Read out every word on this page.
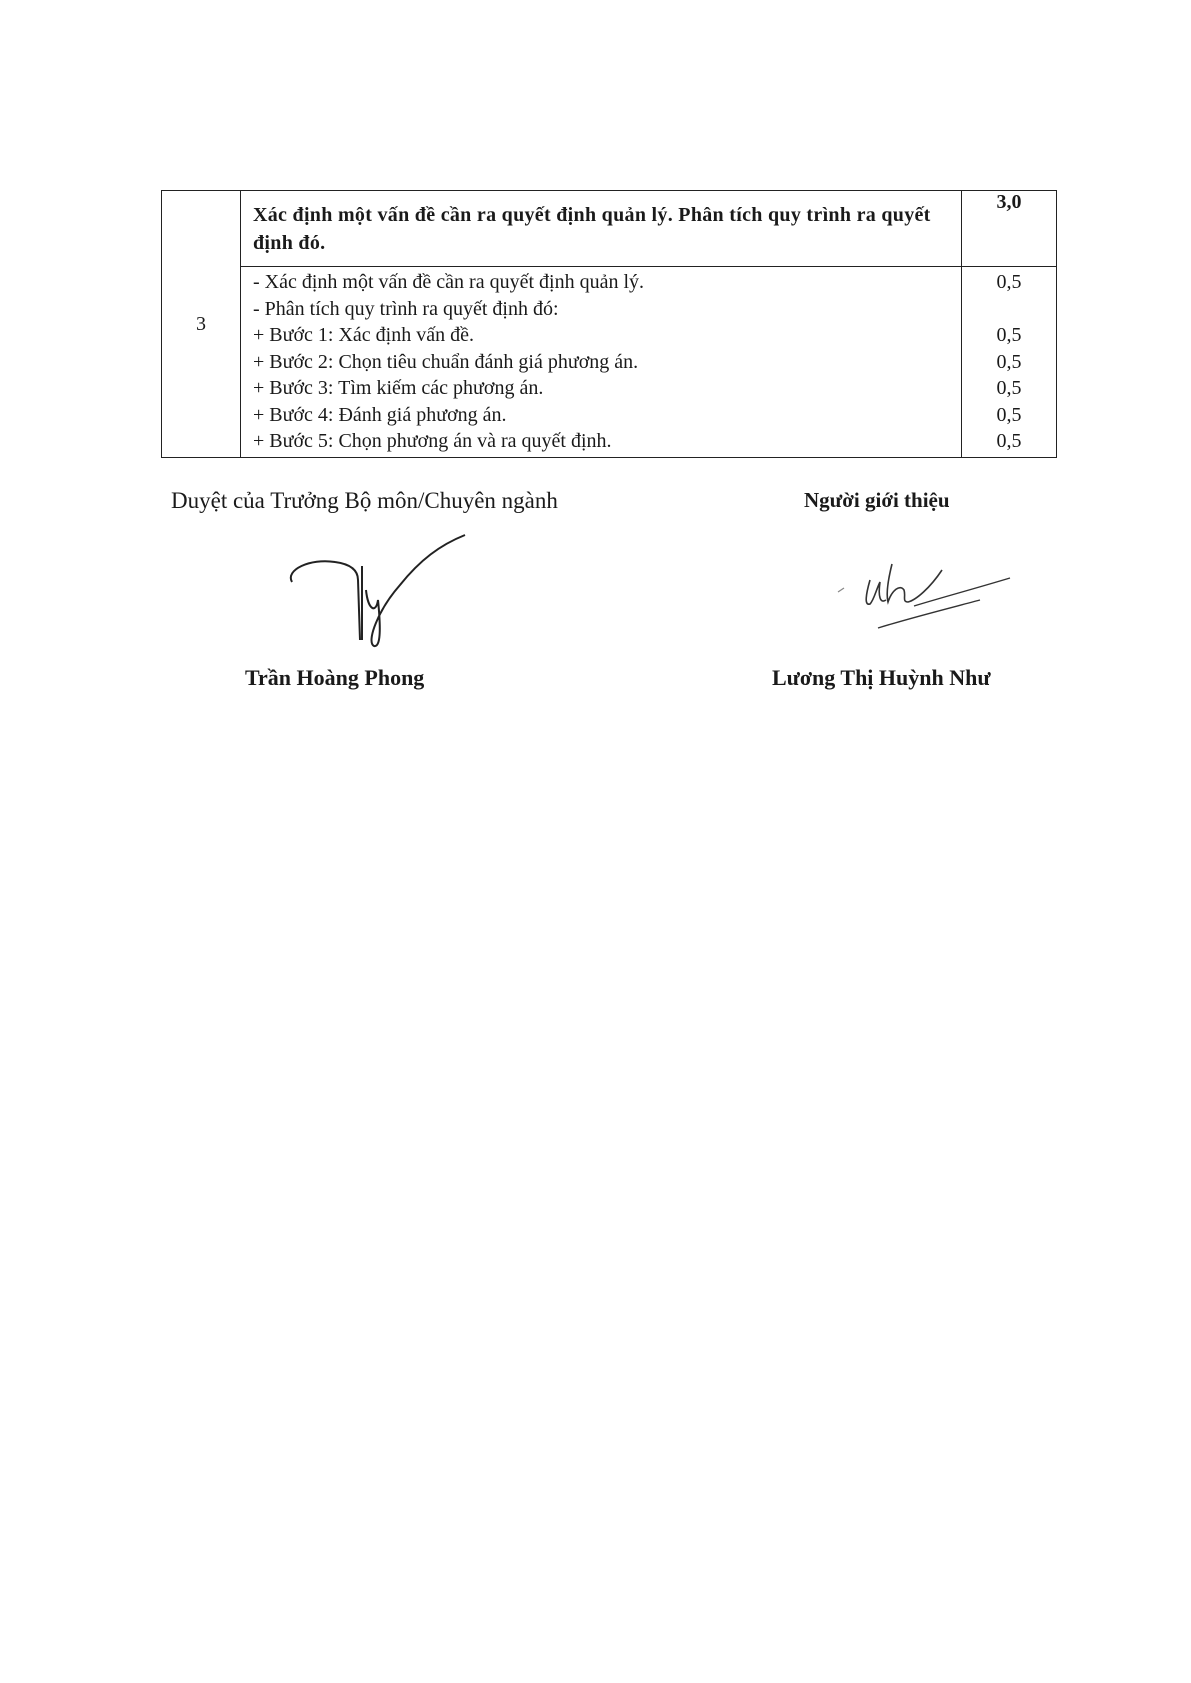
3
Xác định một vấn đề cần ra quyết định quản lý. Phân tích quy trình ra quyết định đó.
- Xác định một vấn đề cần ra quyết định quản lý.
- Phân tích quy trình ra quyết định đó:
+ Bước 1: Xác định vấn đề.
+ Bước 2: Chọn tiêu chuẩn đánh giá phương án.
+ Bước 3: Tìm kiếm các phương án.
+ Bước 4: Đánh giá phương án.
+ Bước 5: Chọn phương án và ra quyết định.
3,0
0,5
0,5
0,5
0,5
0,5
0,5
Duyệt của Trưởng Bộ môn/Chuyên ngành	Người giới thiệu
Trần Hoàng Phong	Lương Thị Huỳnh Như
